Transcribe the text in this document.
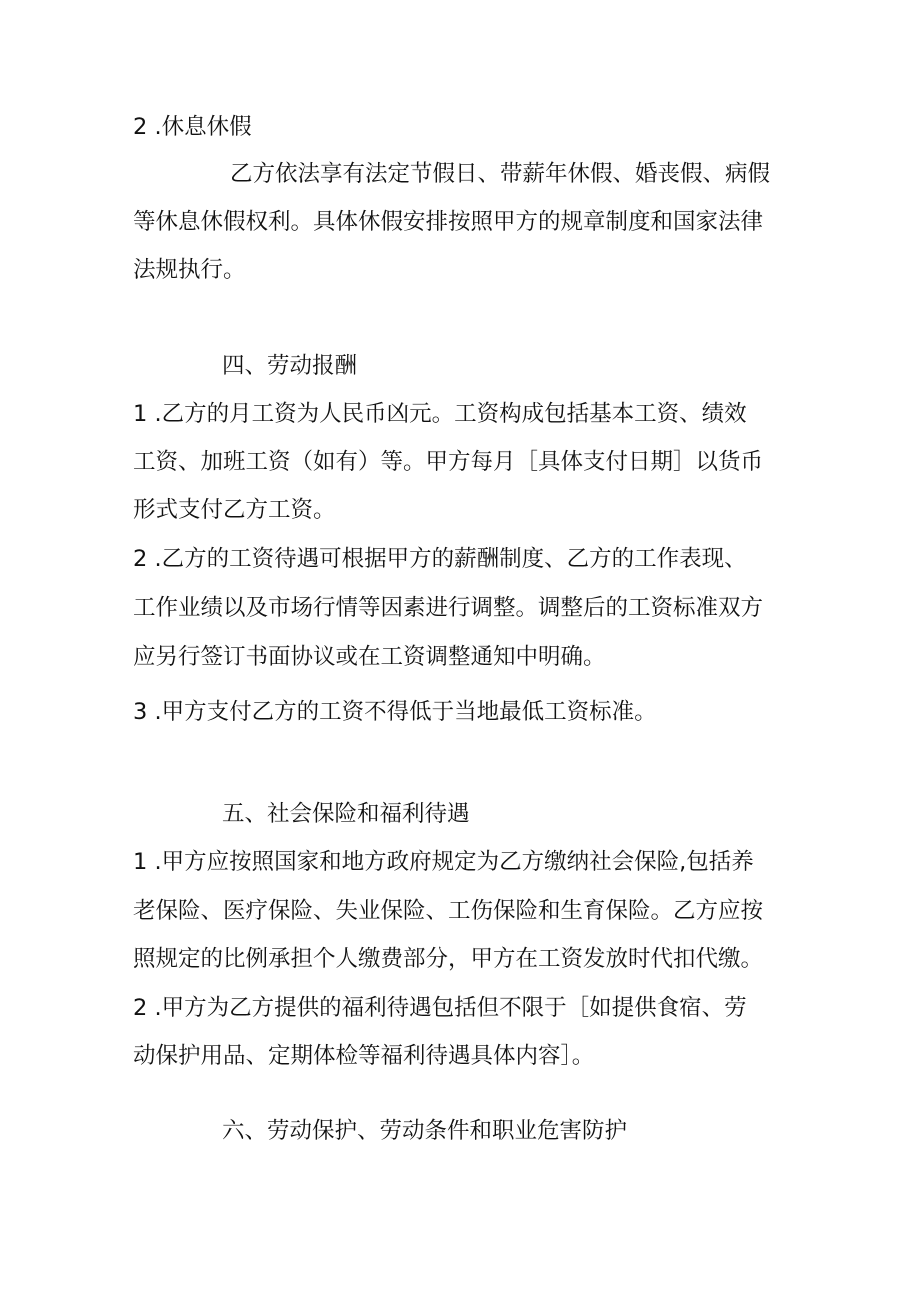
2 .休息休假

乙方依法享有法定节假日、带薪年休假、婚丧假、病假

等休息休假权利。具体休假安排按照甲方的规章制度和国家法律

法规执行。

四、劳动报酬

1 .乙方的月工资为人民币凶元。工资构成包括基本工资、绩效

工资、加班工资（如有）等。甲方每月［具体支付日期］以货币

形式支付乙方工资。

2 .乙方的工资待遇可根据甲方的薪酬制度、乙方的工作表现、

工作业绩以及市场行情等因素进行调整。调整后的工资标准双方

应另行签订书面协议或在工资调整通知中明确。

3 .甲方支付乙方的工资不得低于当地最低工资标准。

五、社会保险和福利待遇

1 .甲方应按照国家和地方政府规定为乙方缴纳社会保险,包括养

老保险、医疗保险、失业保险、工伤保险和生育保险。乙方应按

照规定的比例承担个人缴费部分，甲方在工资发放时代扣代缴。

2 .甲方为乙方提供的福利待遇包括但不限于［如提供食宿、劳

动保护用品、定期体检等福利待遇具体内容］。

六、劳动保护、劳动条件和职业危害防护
